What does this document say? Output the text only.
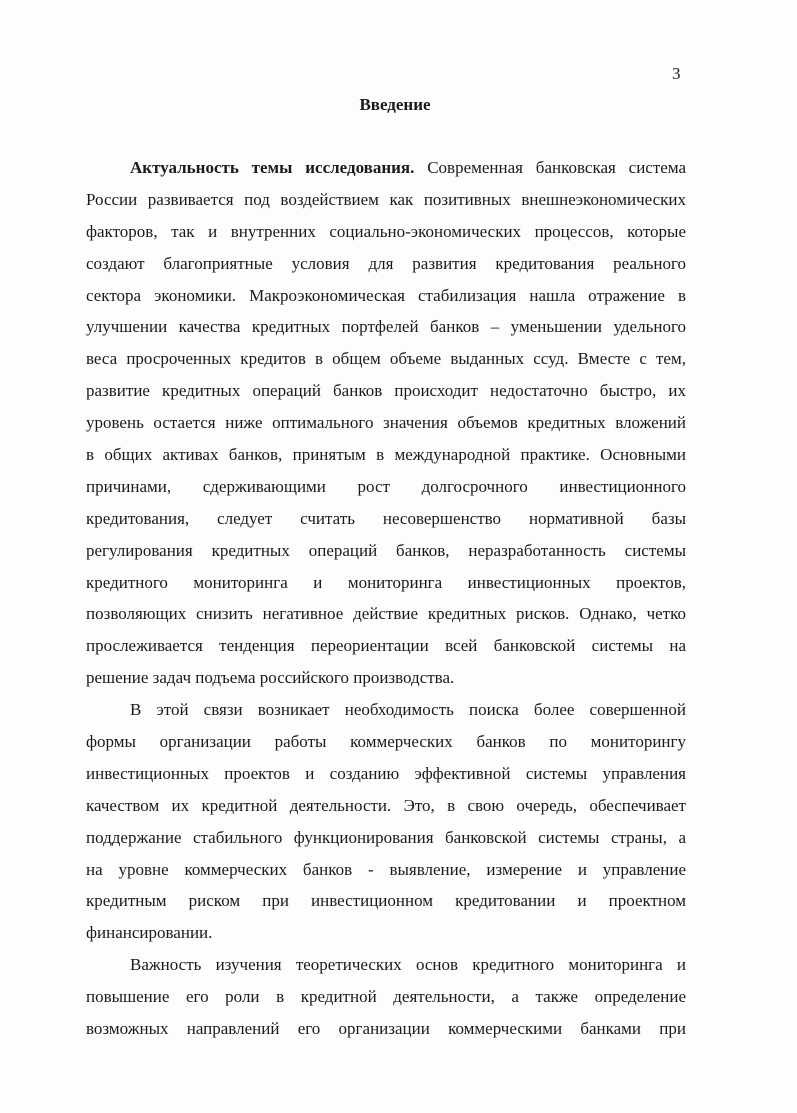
3
Введение
Актуальность темы исследования. Современная банковская система
России развивается под воздействием как позитивных внешнеэкономических
факторов, так и внутренних социально-экономических процессов, которые
создают благоприятные условия для развития кредитования реального
сектора экономики. Макроэкономическая стабилизация нашла отражение в
улучшении качества кредитных портфелей банков – уменьшении удельного
веса просроченных кредитов в общем объеме выданных ссуд. Вместе с тем,
развитие кредитных операций банков происходит недостаточно быстро, их
уровень остается ниже оптимального значения объемов кредитных вложений
в общих активах банков, принятым в международной практике. Основными
причинами, сдерживающими рост долгосрочного инвестиционного
кредитования, следует считать несовершенство нормативной базы
регулирования кредитных операций банков, неразработанность системы
кредитного мониторинга и мониторинга инвестиционных проектов,
позволяющих снизить негативное действие кредитных рисков. Однако, четко
прослеживается тенденция переориентации всей банковской системы на
решение задач подъема российского производства.
В этой связи возникает необходимость поиска более совершенной
формы организации работы коммерческих банков по мониторингу
инвестиционных проектов и созданию эффективной системы управления
качеством их кредитной деятельности. Это, в свою очередь, обеспечивает
поддержание стабильного функционирования банковской системы страны, а
на уровне коммерческих банков - выявление, измерение и управление
кредитным риском при инвестиционном кредитовании и проектном
финансировании.
Важность изучения теоретических основ кредитного мониторинга и
повышение его роли в кредитной деятельности, а также определение
возможных направлений его организации коммерческими банками при
